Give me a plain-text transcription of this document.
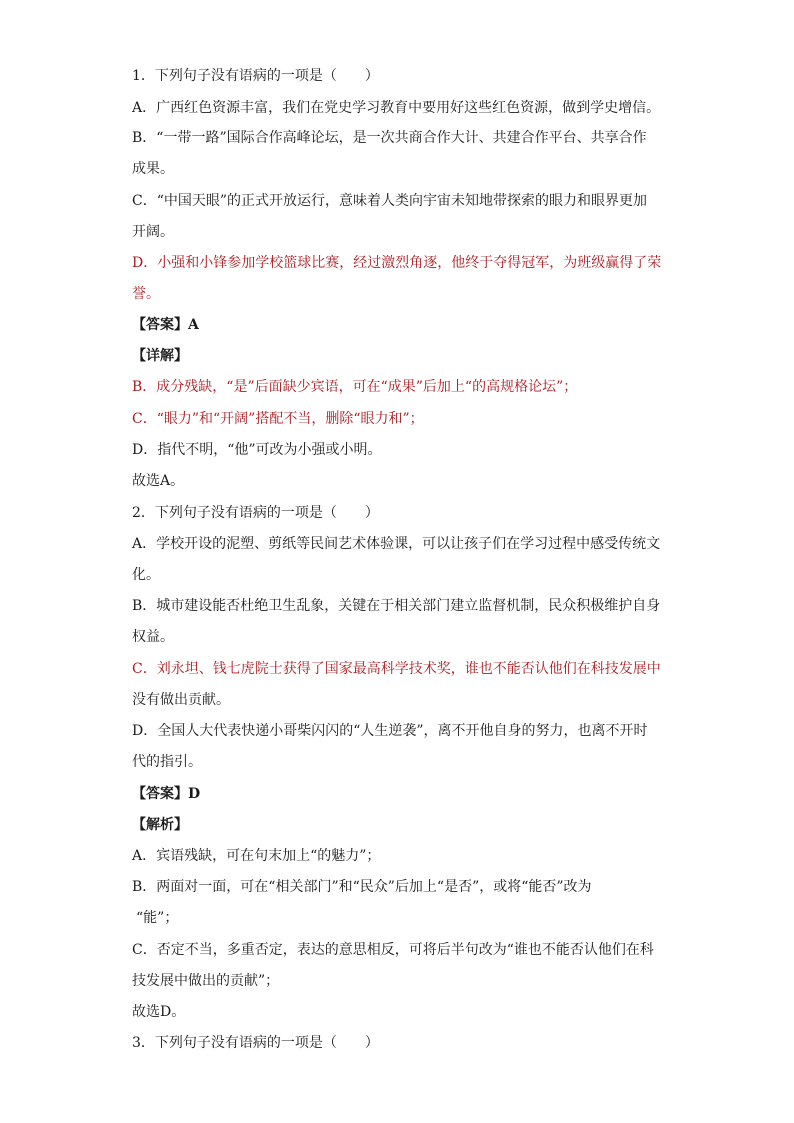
1．下列句子没有语病的一项是（　　）
A．广西红色资源丰富，我们在党史学习教育中要用好这些红色资源，做到学史增信。
B．“一带一路”国际合作高峰论坛，是一次共商合作大计、共建合作平台、共享合作
成果。
C．“中国天眼”的正式开放运行，意味着人类向宇宙未知地带探索的眼力和眼界更加
开阔。
D．小强和小锋参加学校篮球比赛，经过激烈角逐，他终于夺得冠军，为班级赢得了荣
誉。
【答案】A
【详解】
B．成分残缺，“是”后面缺少宾语，可在“成果”后加上“的高规格论坛”；
C．“眼力”和“开阔”搭配不当，删除“眼力和”；
D．指代不明，“他”可改为小强或小明。
故选A。
2．下列句子没有语病的一项是（　　）
A．学校开设的泥塑、剪纸等民间艺术体验课，可以让孩子们在学习过程中感受传统文
化。
B．城市建设能否杜绝卫生乱象，关键在于相关部门建立监督机制，民众积极维护自身
权益。
C．刘永坦、钱七虎院士获得了国家最高科学技术奖，谁也不能否认他们在科技发展中
没有做出贡献。
D．全国人大代表快递小哥柴闪闪的“人生逆袭”，离不开他自身的努力，也离不开时
代的指引。
【答案】D
【解析】
A．宾语残缺，可在句末加上“的魅力”；
B．两面对一面，可在“相关部门”和“民众”后加上“是否”，或将“能否”改为
“能”；
C．否定不当，多重否定，表达的意思相反，可将后半句改为“谁也不能否认他们在科
技发展中做出的贡献”；
故选D。
3．下列句子没有语病的一项是（　　）
